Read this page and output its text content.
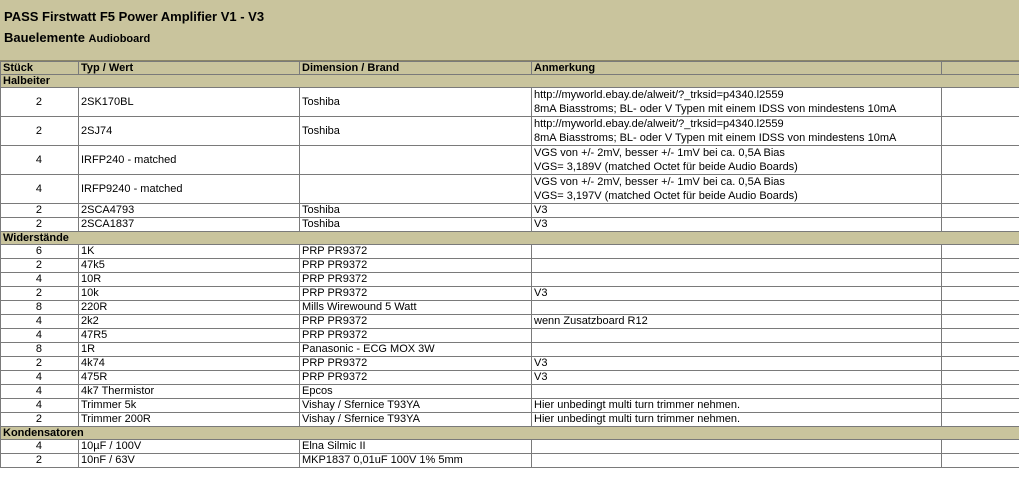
PASS Firstwatt F5 Power Amplifier V1 - V3
Bauelemente Audioboard
Stück	Typ / Wert	Dimension / Brand	Anmerkung	
Halbeiter				
2	2SK170BL	Toshiba	http://myworld.ebay.de/alweit/?_trksid=p4340.l2559
8mA Biasstroms; BL- oder V Typen mit einem IDSS von mindestens 10mA	

2	2SJ74	Toshiba	http://myworld.ebay.de/alweit/?_trksid=p4340.l2559
8mA Biasstroms; BL- oder V Typen mit einem IDSS von mindestens 10mA	

4	IRFP240 - matched		VGS von +/- 2mV, besser +/- 1mV bei ca. 0,5A Bias
VGS= 3,189V (matched Octet für beide Audio Boards)	

4	IRFP9240 - matched		VGS von +/- 2mV, besser +/- 1mV bei ca. 0,5A Bias
VGS= 3,197V (matched Octet für beide Audio Boards)	

2	2SCA4793	Toshiba	V3	
2	2SCA1837	Toshiba	V3	
Widerstände				
6	1K	PRP PR9372		
2	47k5	PRP PR9372		
4	10R	PRP PR9372		
2	10k	PRP PR9372	V3	
8	220R	Mills Wirewound 5 Watt		
4	2k2	PRP PR9372	wenn Zusatzboard R12	
4	47R5	PRP PR9372		
8	1R	Panasonic - ECG MOX 3W		
2	4k74	PRP PR9372	V3	
4	475R	PRP PR9372	V3	
4	4k7 Thermistor	Epcos		
4	Trimmer 5k	Vishay / Sfernice T93YA	Hier unbedingt multi turn trimmer nehmen.	
2	Trimmer 200R	Vishay / Sfernice T93YA	Hier unbedingt multi turn trimmer nehmen.	
Kondensatoren				
4	10µF / 100V	Elna Silmic II		
2	10nF / 63V	MKP1837 0,01uF 100V 1% 5mm		
